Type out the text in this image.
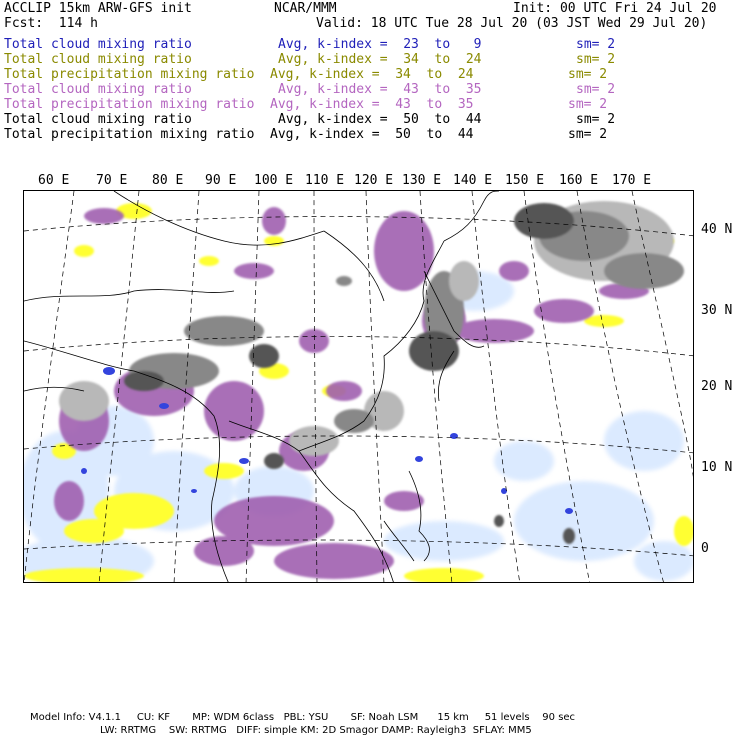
ACCLIP 15km ARW-GFS init	NCAR/MMM	Init: 00 UTC Fri 24 Jul 20
Fcst:  114 h	Valid: 18 UTC Tue 28 Jul 20 (03 JST Wed 29 Jul 20)
Total cloud mixing ratio	Avg, k-index =  23  to   9	sm= 2
Total cloud mixing ratio	Avg, k-index =  34  to  24	sm= 2
Total precipitation mixing ratio Avg, k-index =  34  to  24	sm= 2
Total cloud mixing ratio	Avg, k-index =  43  to  35	sm= 2
Total precipitation mixing ratio Avg, k-index =  43  to  35	sm= 2
Total cloud mixing ratio	Avg, k-index =  50  to  44	sm= 2
Total precipitation mixing ratio Avg, k-index =  50  to  44	sm= 2
60 E 70 E 80 E 90 E 100 E 110 E 120 E 130 E 140 E 150 E 160 E 170 E
40 N
30 N
20 N
10 N
0
Model Info: V4.1.1     CU: KF       MP: WDM 6class   PBL: YSU       SF: Noah LSM      15 km     51 levels    90 sec
LW: RRTMG    SW: RRTMG   DIFF: simple KM: 2D Smagor DAMP: Rayleigh3  SFLAY: MM5
